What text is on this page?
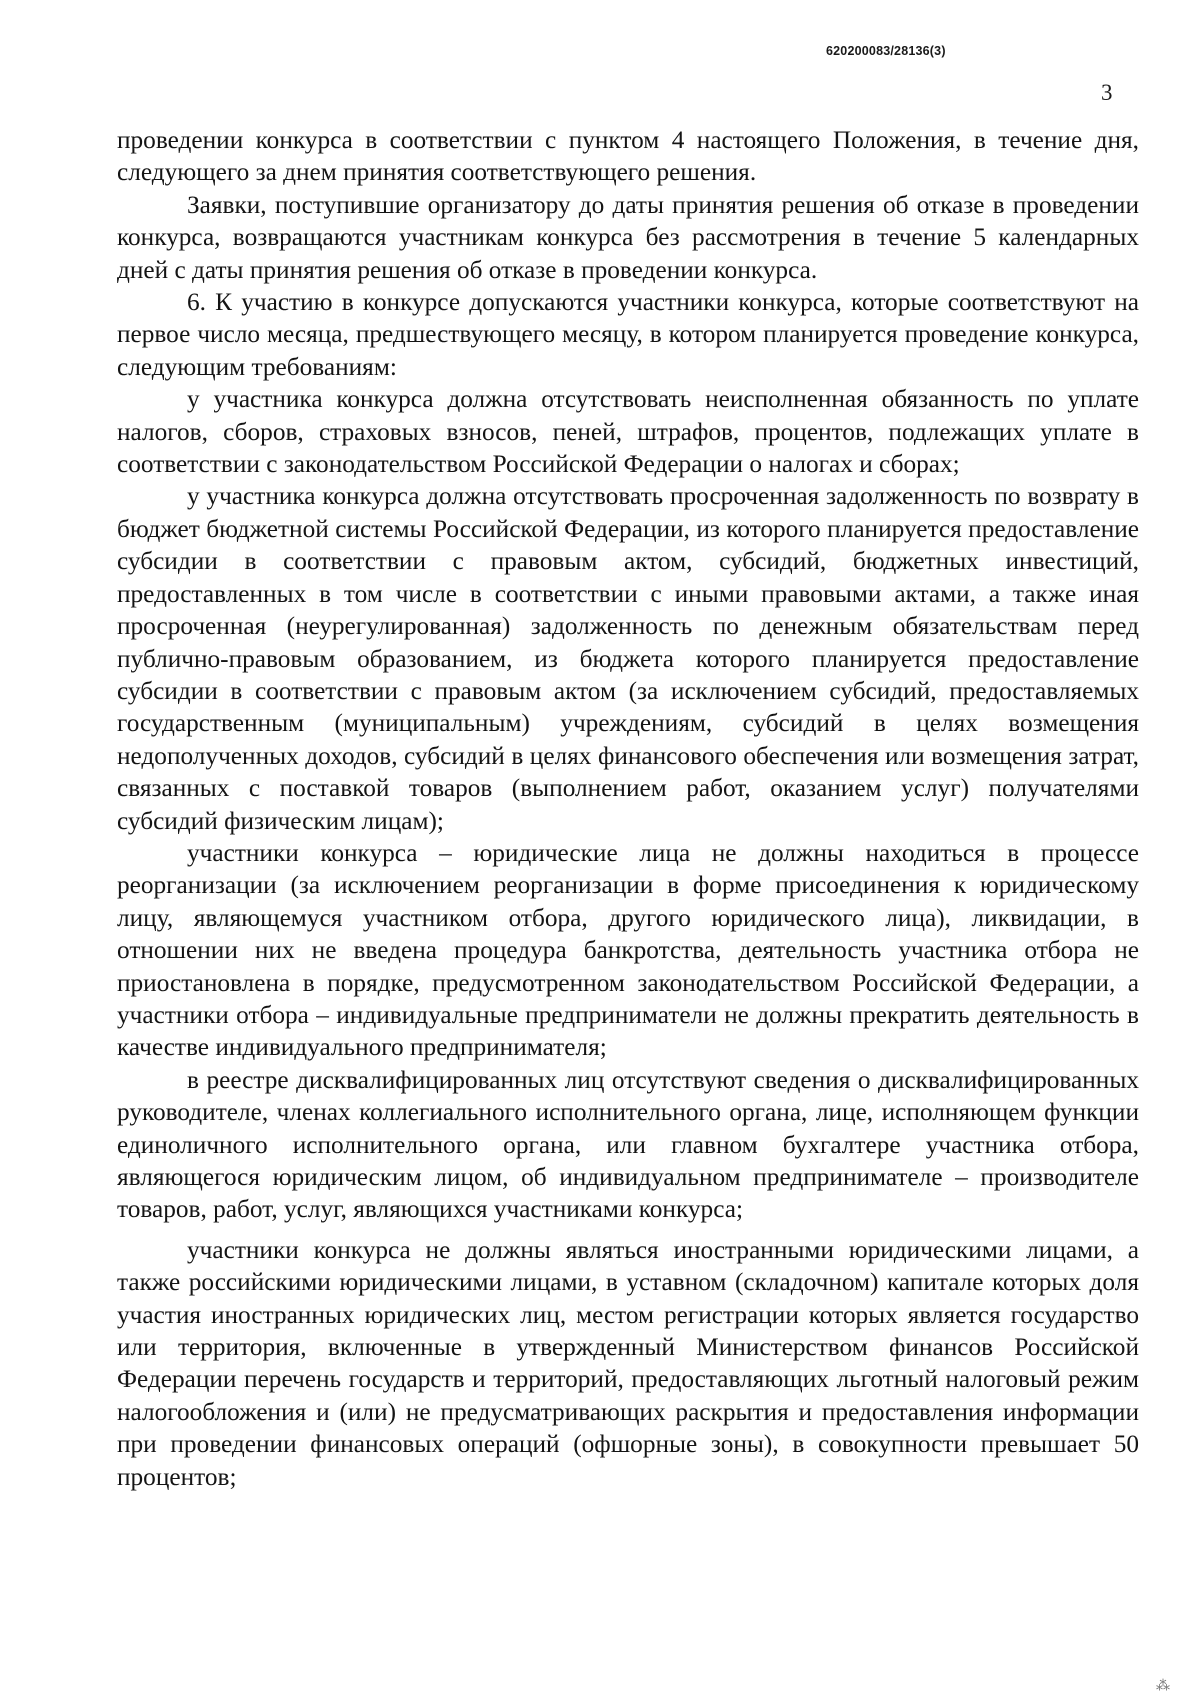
620200083/28136(3)
3

проведении конкурса в соответствии с пунктом 4 настоящего Положения, в течение дня, следующего за днем принятия соответствующего решения.

Заявки, поступившие организатору до даты принятия решения об отказе в проведении конкурса, возвращаются участникам конкурса без рассмотрения в течение 5 календарных дней с даты принятия решения об отказе в проведении конкурса.

6. К участию в конкурсе допускаются участники конкурса, которые соответствуют на первое число месяца, предшествующего месяцу, в котором планируется проведение конкурса, следующим требованиям:

у участника конкурса должна отсутствовать неисполненная обязанность по уплате налогов, сборов, страховых взносов, пеней, штрафов, процентов, подлежащих уплате в соответствии с законодательством Российской Федерации о налогах и сборах;

у участника конкурса должна отсутствовать просроченная задолженность по возврату в бюджет бюджетной системы Российской Федерации, из которого планируется предоставление субсидии в соответствии с правовым актом, субсидий, бюджетных инвестиций, предоставленных в том числе в соответствии с иными правовыми актами, а также иная просроченная (неурегулированная) задолженность по денежным обязательствам перед публично-правовым образованием, из бюджета которого планируется предоставление субсидии в соответствии с правовым актом (за исключением субсидий, предоставляемых государственным (муниципальным) учреждениям, субсидий в целях возмещения недополученных доходов, субсидий в целях финансового обеспечения или возмещения затрат, связанных с поставкой товаров (выполнением работ, оказанием услуг) получателями субсидий физическим лицам);

участники конкурса – юридические лица не должны находиться в процессе реорганизации (за исключением реорганизации в форме присоединения к юридическому лицу, являющемуся участником отбора, другого юридического лица), ликвидации, в отношении них не введена процедура банкротства, деятельность участника отбора не приостановлена в порядке, предусмотренном законодательством Российской Федерации, а участники отбора – индивидуальные предприниматели не должны прекратить деятельность в качестве индивидуального предпринимателя;

в реестре дисквалифицированных лиц отсутствуют сведения о дисквалифицированных руководителе, членах коллегиального исполнительного органа, лице, исполняющем функции единоличного исполнительного органа, или главном бухгалтере участника отбора, являющегося юридическим лицом, об индивидуальном предпринимателе – производителе товаров, работ, услуг, являющихся участниками конкурса;

участники конкурса не должны являться иностранными юридическими лицами, а также российскими юридическими лицами, в уставном (складочном) капитале которых доля участия иностранных юридических лиц, местом регистрации которых является государство или территория, включенные в утвержденный Министерством финансов Российской Федерации перечень государств и территорий, предоставляющих льготный налоговый режим налогообложения и (или) не предусматривающих раскрытия и предоставления информации при проведении финансовых операций (офшорные зоны), в совокупности превышает 50 процентов;

⁂
